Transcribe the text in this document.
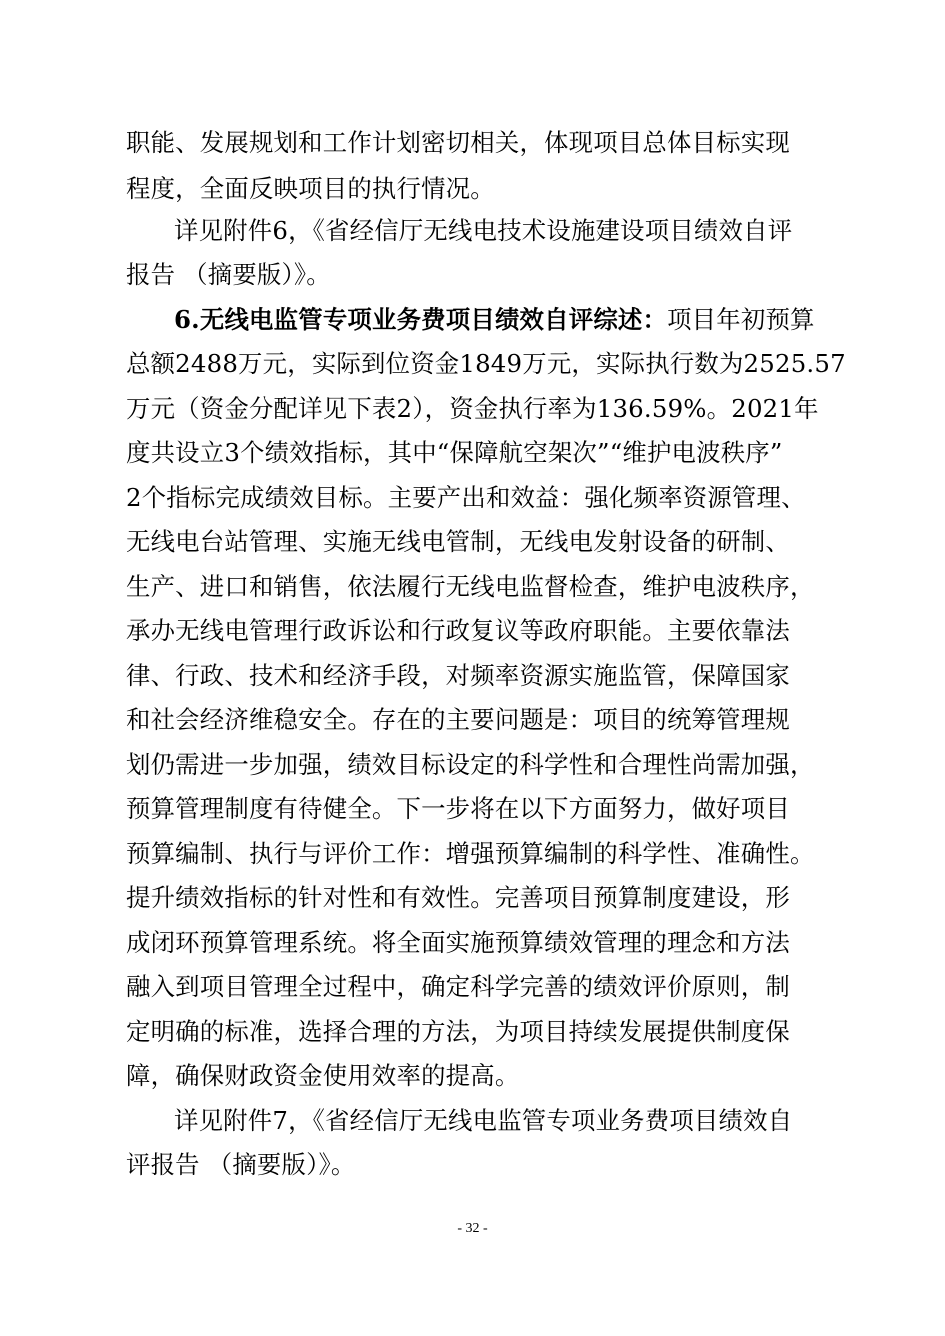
职能、发展规划和工作计划密切相关，体现项目总体目标实现
程度，全面反映项目的执行情况。
详见附件6，《省经信厅无线电技术设施建设项目绩效自评
报告 （摘要版）》。
6.无线电监管专项业务费项目绩效自评综述：项目年初预算
总额2488万元，实际到位资金1849万元，实际执行数为2525.57
万元（资金分配详见下表2），资金执行率为136.59%。2021年
度共设立3个绩效指标，其中“保障航空架次”“维护电波秩序”
2个指标完成绩效目标。主要产出和效益：强化频率资源管理、
无线电台站管理、实施无线电管制，无线电发射设备的研制、
生产、进口和销售，依法履行无线电监督检查，维护电波秩序，
承办无线电管理行政诉讼和行政复议等政府职能。主要依靠法
律、行政、技术和经济手段，对频率资源实施监管，保障国家
和社会经济维稳安全。存在的主要问题是：项目的统筹管理规
划仍需进一步加强，绩效目标设定的科学性和合理性尚需加强，
预算管理制度有待健全。下一步将在以下方面努力，做好项目
预算编制、执行与评价工作：增强预算编制的科学性、准确性。
提升绩效指标的针对性和有效性。完善项目预算制度建设，形
成闭环预算管理系统。将全面实施预算绩效管理的理念和方法
融入到项目管理全过程中，确定科学完善的绩效评价原则，制
定明确的标准，选择合理的方法，为项目持续发展提供制度保
障，确保财政资金使用效率的提高。
详见附件7，《省经信厅无线电监管专项业务费项目绩效自
评报告 （摘要版）》。
- 32 -
